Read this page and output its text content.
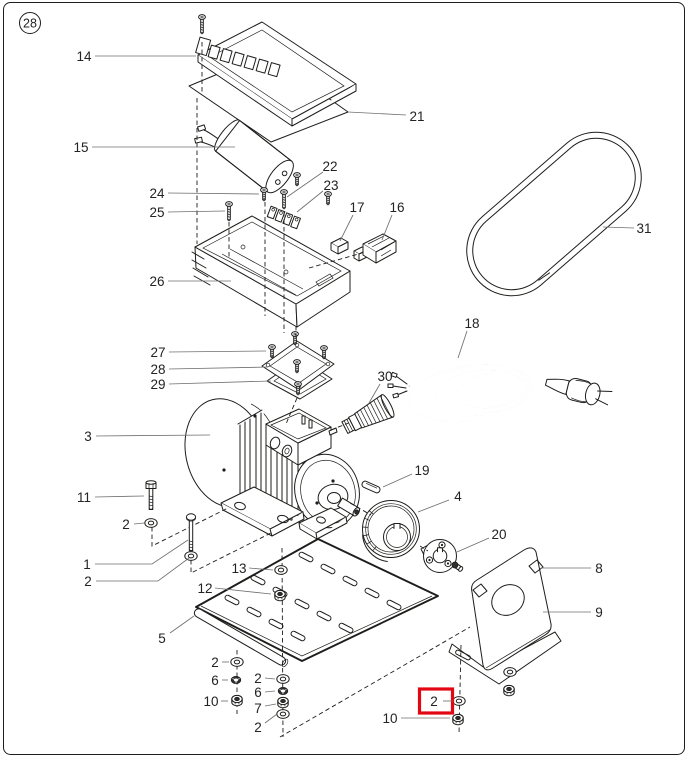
28
14
21
15
24
25
22
23
17 16
26
31
27
28
29
30
18
3
19
11	4
2
20
1
2
8
9
13
12
5
2
6
10
2
6
7
2
2
10
